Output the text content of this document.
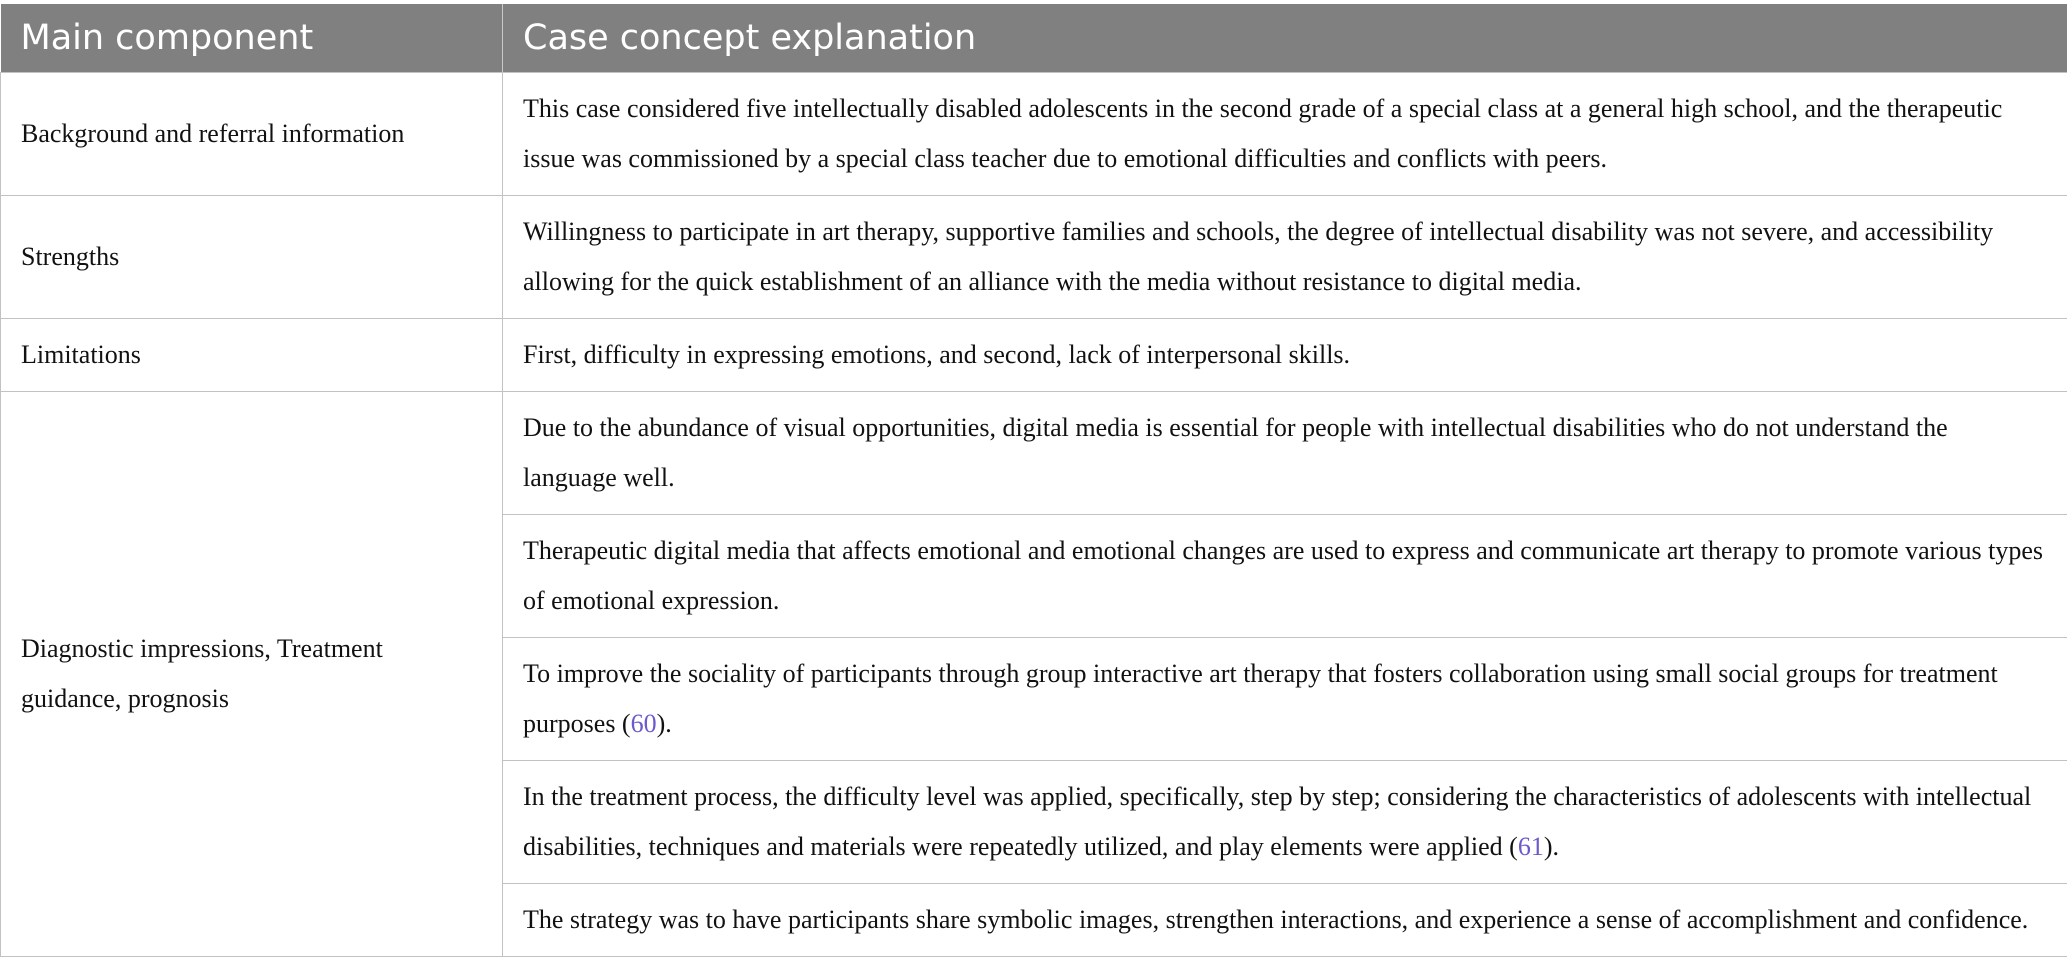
Main component	Case concept explanation
Background and referral information	This case considered five intellectually disabled adolescents in the second grade of a special class at a general high school, and the therapeutic issue was commissioned by a special class teacher due to emotional difficulties and conflicts with peers.
Strengths	Willingness to participate in art therapy, supportive families and schools, the degree of intellectual disability was not severe, and accessibility allowing for the quick establishment of an alliance with the media without resistance to digital media.
Limitations	First, difficulty in expressing emotions, and second, lack of interpersonal skills.
Diagnostic impressions, Treatment guidance, prognosis	Due to the abundance of visual opportunities, digital media is essential for people with intellectual disabilities who do not understand the language well.
	Therapeutic digital media that affects emotional and emotional changes are used to express and communicate art therapy to promote various types of emotional expression.
	To improve the sociality of participants through group interactive art therapy that fosters collaboration using small social groups for treatment purposes (60).
	In the treatment process, the difficulty level was applied, specifically, step by step; considering the characteristics of adolescents with intellectual disabilities, techniques and materials were repeatedly utilized, and play elements were applied (61).
	The strategy was to have participants share symbolic images, strengthen interactions, and experience a sense of accomplishment and confidence.
